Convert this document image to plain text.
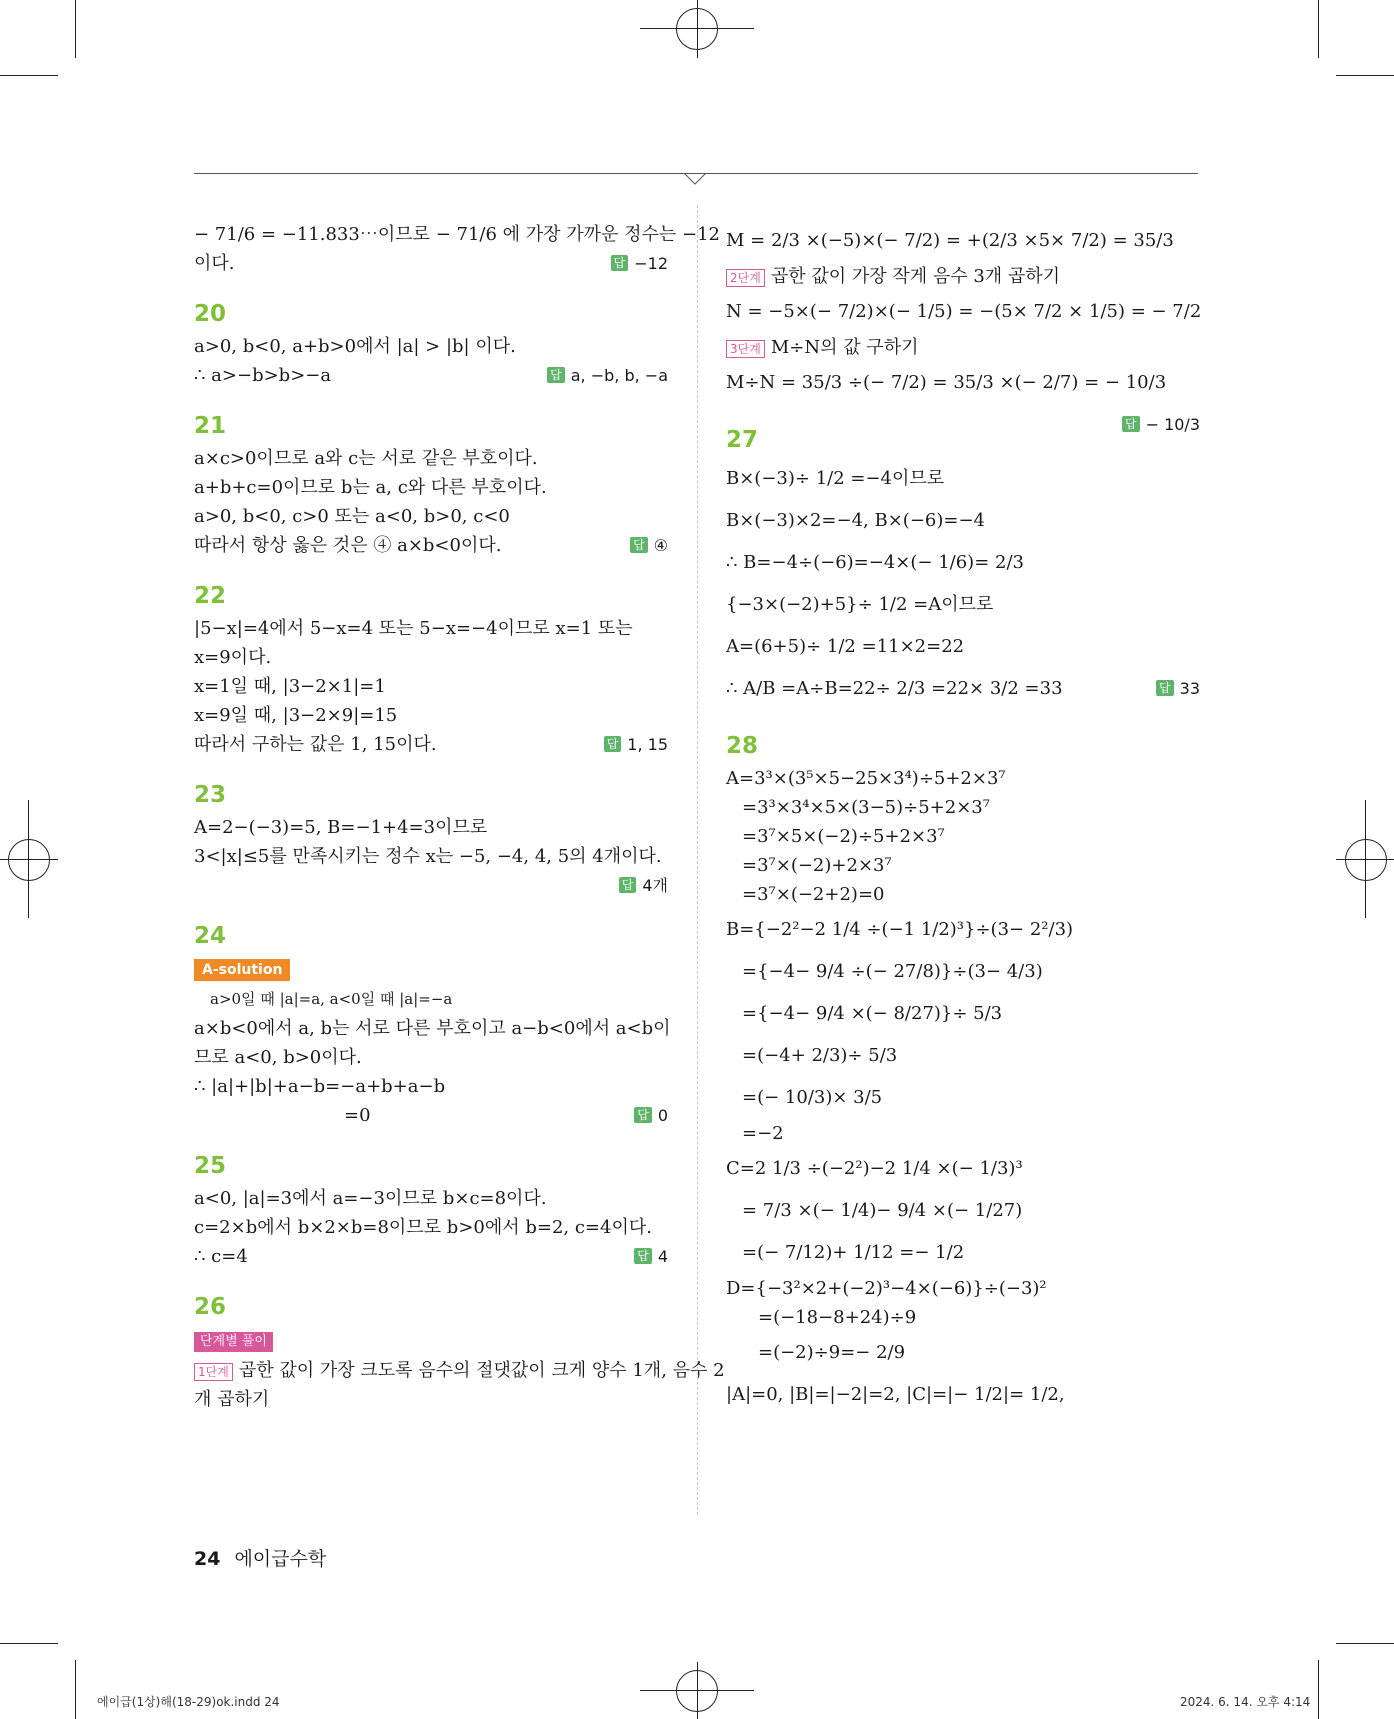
− 71/6 = −11.833⋯이므로 − 71/6 에 가장 가까운 정수는 −12
이다.	답 −12
20
a>0, b<0, a+b>0에서 |a| > |b| 이다.
∴ a>−b>b>−a	답 a, −b, b, −a
21
a×c>0이므로 a와 c는 서로 같은 부호이다.
a+b+c=0이므로 b는 a, c와 다른 부호이다.
a>0, b<0, c>0 또는 a<0, b>0, c<0
따라서 항상 옳은 것은 ④ a×b<0이다.	답 ④
22
|5−x|=4에서 5−x=4 또는 5−x=−4이므로 x=1 또는
x=9이다.
x=1일 때, |3−2×1|=1
x=9일 때, |3−2×9|=15
따라서 구하는 값은 1, 15이다.	답 1, 15
23
A=2−(−3)=5, B=−1+4=3이므로
3<|x|≤5를 만족시키는 정수 x는 −5, −4, 4, 5의 4개이다.
답 4개
24
A-solution
a>0일 때 |a|=a, a<0일 때 |a|=−a
a×b<0에서 a, b는 서로 다른 부호이고 a−b<0에서 a<b이
므로 a<0, b>0이다.
∴ |a|+|b|+a−b=−a+b+a−b
=0	답 0
25
a<0, |a|=3에서 a=−3이므로 b×c=8이다.
c=2×b에서 b×2×b=8이므로 b>0에서 b=2, c=4이다.
∴ c=4	답 4
26
단계별 풀이
1단계 곱한 값이 가장 크도록 음수의 절댓값이 크게 양수 1개, 음수 2
개 곱하기
M = 2/3 ×(−5)×(− 7/2) = +(2/3 ×5× 7/2) = 35/3
2단계 곱한 값이 가장 작게 음수 3개 곱하기
N = −5×(− 7/2)×(− 1/5) = −(5× 7/2 × 1/5) = − 7/2
3단계 M÷N의 값 구하기
M÷N = 35/3 ÷(− 7/2) = 35/3 ×(− 2/7) = − 10/3
답 − 10/3
27
B×(−3)÷ 1/2 =−4이므로
B×(−3)×2=−4, B×(−6)=−4
∴ B=−4÷(−6)=−4×(− 1/6)= 2/3
{−3×(−2)+5}÷ 1/2 =A이므로
A=(6+5)÷ 1/2 =11×2=22
∴ A/B =A÷B=22÷ 2/3 =22× 3/2 =33	답 33
28
A=3³×(3⁵×5−25×3⁴)÷5+2×3⁷
=3³×3⁴×5×(3−5)÷5+2×3⁷
=3⁷×5×(−2)÷5+2×3⁷
=3⁷×(−2)+2×3⁷
=3⁷×(−2+2)=0
B={−2²−2 1/4 ÷(−1 1/2)³}÷(3− 2²/3)
={−4− 9/4 ÷(− 27/8)}÷(3− 4/3)
={−4− 9/4 ×(− 8/27)}÷ 5/3
=(−4+ 2/3)÷ 5/3
=(− 10/3)× 3/5
=−2
C=2 1/3 ÷(−2²)−2 1/4 ×(− 1/3)³
= 7/3 ×(− 1/4)− 9/4 ×(− 1/27)
=(− 7/12)+ 1/12 =− 1/2
D={−3²×2+(−2)³−4×(−6)}÷(−3)²
=(−18−8+24)÷9
=(−2)÷9=− 2/9
|A|=0, |B|=|−2|=2, |C|=|− 1/2|= 1/2,
24 에이급수학
에이급(1상)해(18-29)ok.indd 24	2024. 6. 14. 오후 4:14
